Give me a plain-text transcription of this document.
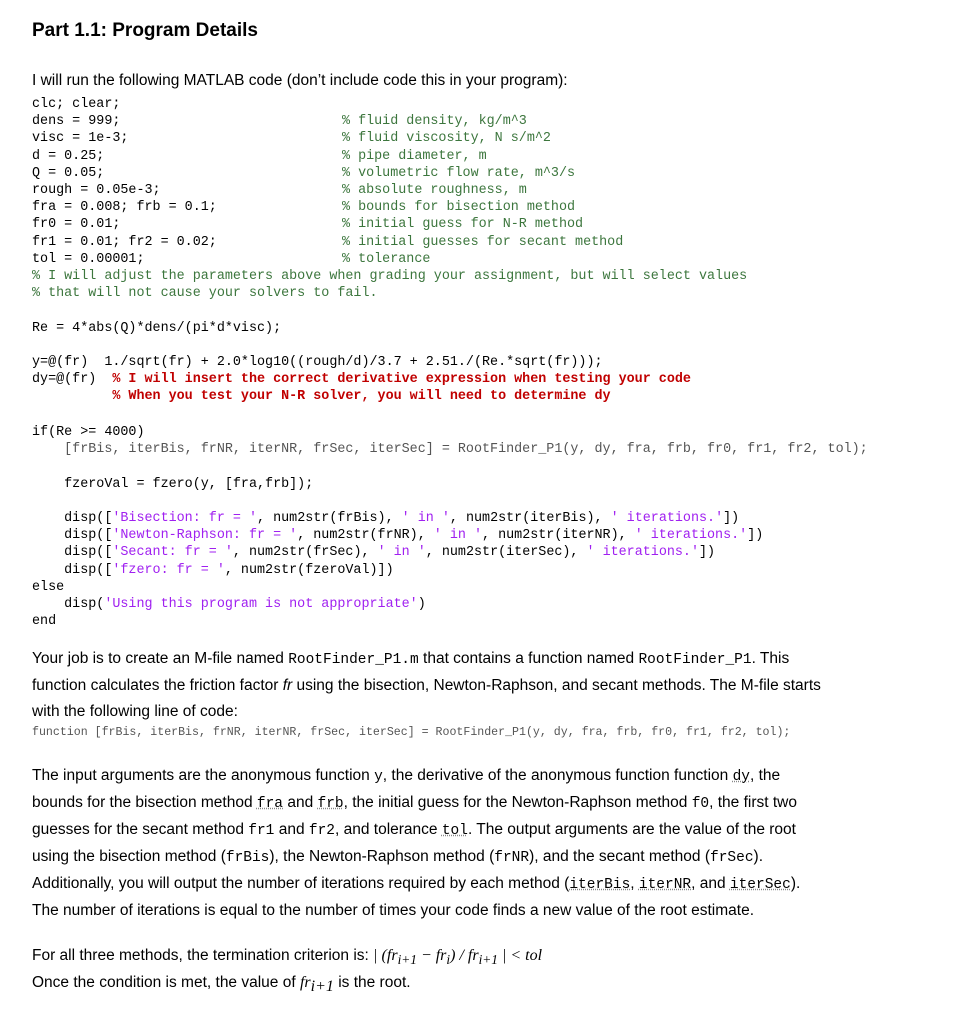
Part 1.1: Program Details

I will run the following MATLAB code (don’t include code this in your program):

clc; clear;
dens = 999;	% fluid density, kg/m^3
visc = 1e-3;	% fluid viscosity, N s/m^2
d = 0.25;	% pipe diameter, m
Q = 0.05;	% volumetric flow rate, m^3/s
rough = 0.05e-3;	% absolute roughness, m
fra = 0.008; frb = 0.1;	% bounds for bisection method
fr0 = 0.01;	% initial guess for N-R method
fr1 = 0.01; fr2 = 0.02;	% initial guesses for secant method
tol = 0.00001;	% tolerance
% I will adjust the parameters above when grading your assignment, but will select values
% that will not cause your solvers to fail.
Re = 4*abs(Q)*dens/(pi*d*visc);
y=@(fr)  1./sqrt(fr) + 2.0*log10((rough/d)/3.7 + 2.51./(Re.*sqrt(fr)));
dy=@(fr)  % I will insert the correct derivative expression when testing your code
% When you test your N-R solver, you will need to determine dy
if(Re >= 4000)
[frBis, iterBis, frNR, iterNR, frSec, iterSec] = RootFinder_P1(y, dy, fra, frb, fr0, fr1, fr2, tol);

fzeroVal = fzero(y, [fra,frb]);

disp(['Bisection: fr = ', num2str(frBis), ' in ', num2str(iterBis), ' iterations.'])
disp(['Newton-Raphson: fr = ', num2str(frNR), ' in ', num2str(iterNR), ' iterations.'])
disp(['Secant: fr = ', num2str(frSec), ' in ', num2str(iterSec), ' iterations.'])
disp(['fzero: fr = ', num2str(fzeroVal)])
else
disp('Using this program is not appropriate')
end

Your job is to create an M-file named RootFinder_P1.m that contains a function named RootFinder_P1. This
function calculates the friction factor fr using the bisection, Newton-Raphson, and secant methods. The M-file starts
with the following line of code:

function [frBis, iterBis, frNR, iterNR, frSec, iterSec] = RootFinder_P1(y, dy, fra, frb, fr0, fr1, fr2, tol);

The input arguments are the anonymous function y, the derivative of the anonymous function function dy, the
bounds for the bisection method fra and frb, the initial guess for the Newton-Raphson method f0, the first two
guesses for the secant method fr1 and fr2, and tolerance tol. The output arguments are the value of the root
using the bisection method (frBis), the Newton-Raphson method (frNR), and the secant method (frSec).
Additionally, you will output the number of iterations required by each method (iterBis, iterNR, and iterSec).
The number of iterations is equal to the number of times your code finds a new value of the root estimate.

For all three methods, the termination criterion is: | $(fr_{i+1} - fr_i) / fr_{i+1}$ | < tol

Once the condition is met, the value of $fr_{i+1}$ is the root.
